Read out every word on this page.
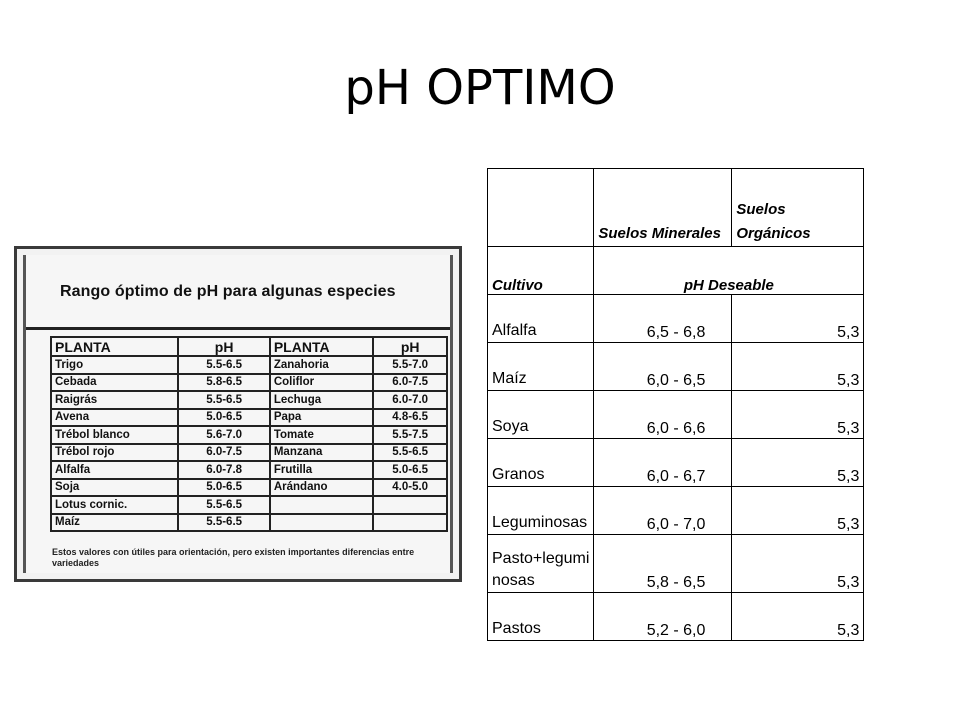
pH OPTIMO
Rango óptimo de pH para algunas especies
PLANTA	pH	PLANTA	pH
Trigo	5.5-6.5	Zanahoria	5.5-7.0
Cebada	5.8-6.5	Coliflor	6.0-7.5
Raigrás	5.5-6.5	Lechuga	6.0-7.0
Avena	5.0-6.5	Papa	4.8-6.5
Trébol blanco	5.6-7.0	Tomate	5.5-7.5
Trébol rojo	6.0-7.5	Manzana	5.5-6.5
Alfalfa	6.0-7.8	Frutilla	5.0-6.5
Soja	5.0-6.5	Arándano	4.0-5.0
Lotus cornic.	5.5-6.5		
Maíz	5.5-6.5		
Estos valores con útiles para orientación, pero existen importantes diferencias entre variedades
	Suelos Minerales	Suelos Orgánicos
Cultivo	pH Deseable	
Alfalfa	6,5 - 6,8	5,3
Maíz	6,0 - 6,5	5,3
Soya	6,0 - 6,6	5,3
Granos	6,0 - 6,7	5,3
Leguminosas	6,0 - 7,0	5,3
Pasto+legumi nosas	5,8 - 6,5	5,3
Pastos	5,2 - 6,0	5,3
